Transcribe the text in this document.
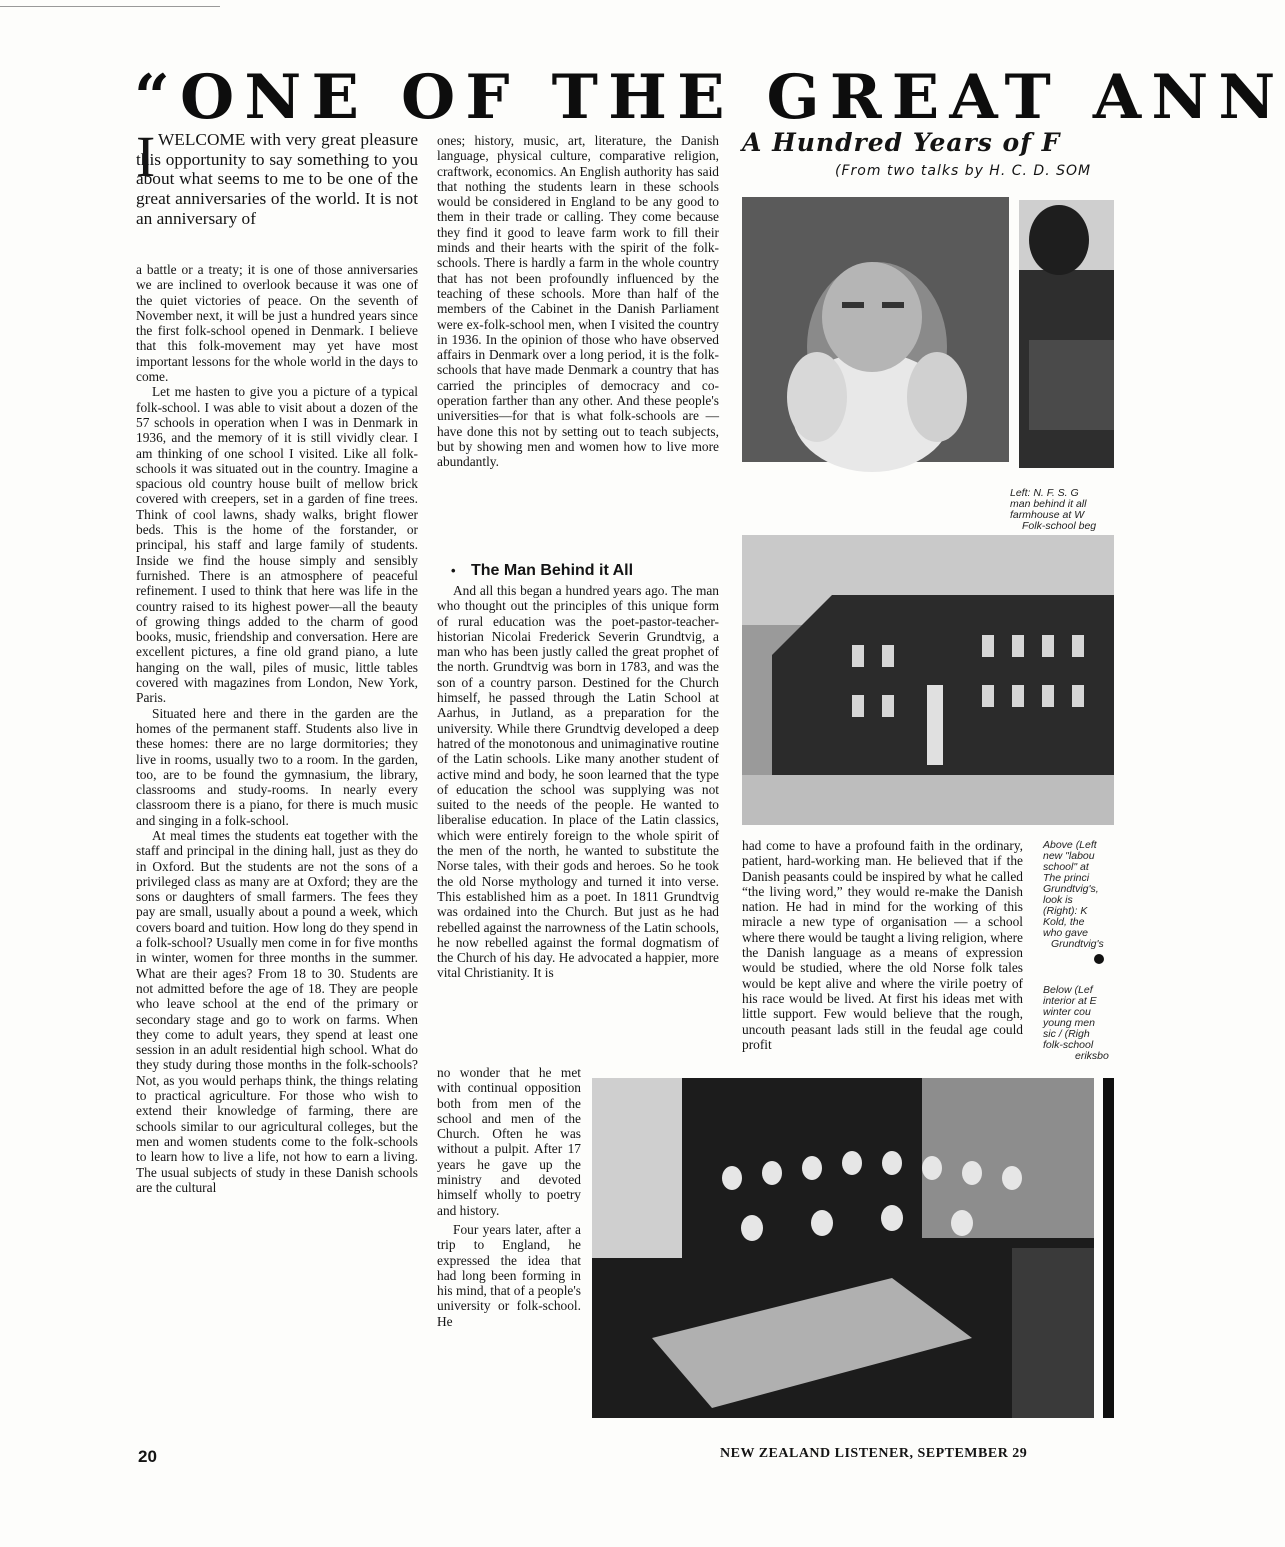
“ONE OF THE GREAT ANN
A Hundred Years of F
(From two talks by H. C. D. SOM
I WELCOME with very great pleasure this opportunity to say something to you about what seems to me to be one of the great anniversaries of the world. It is not an anniversary of

a battle or a treaty; it is one of those anniversaries we are inclined to overlook because it was one of the quiet victories of peace. On the seventh of November next, it will be just a hundred years since the first folk-school opened in Denmark. I believe that this folk-movement may yet have most important lessons for the whole world in the days to come.

Let me hasten to give you a picture of a typical folk-school. I was able to visit about a dozen of the 57 schools in operation when I was in Denmark in 1936, and the memory of it is still vividly clear. I am thinking of one school I visited. Like all folk-schools it was situated out in the country. Imagine a spacious old country house built of mellow brick covered with creepers, set in a garden of fine trees. Think of cool lawns, shady walks, bright flower beds. This is the home of the forstander, or principal, his staff and large family of students. Inside we find the house simply and sensibly furnished. There is an atmosphere of peaceful refinement. I used to think that here was life in the country raised to its highest power—all the beauty of growing things added to the charm of good books, music, friendship and conversation. Here are excellent pictures, a fine old grand piano, a lute hanging on the wall, piles of music, little tables covered with magazines from London, New York, Paris.

Situated here and there in the garden are the homes of the permanent staff. Students also live in these homes: there are no large dormitories; they live in rooms, usually two to a room. In the garden, too, are to be found the gymnasium, the library, classrooms and study-rooms. In nearly every classroom there is a piano, for there is much music and singing in a folk-school.

At meal times the students eat together with the staff and principal in the dining hall, just as they do in Oxford. But the students are not the sons of a privileged class as many are at Oxford; they are the sons or daughters of small farmers. The fees they pay are small, usually about a pound a week, which covers board and tuition. How long do they spend in a folk-school? Usually men come in for five months in winter, women for three months in the summer. What are their ages? From 18 to 30. Students are not admitted before the age of 18. They are people who leave school at the end of the primary or secondary stage and go to work on farms. When they come to adult years, they spend at least one session in an adult residential high school. What do they study during those months in the folk-schools? Not, as you would perhaps think, the things relating to practical agriculture. For those who wish to extend their knowledge of farming, there are schools similar to our agricultural colleges, but the men and women students come to the folk-schools to learn how to live a life, not how to earn a living. The usual subjects of study in these Danish schools are the cultural

ones; history, music, art, literature, the Danish language, physical culture, comparative religion, craftwork, economics. An English authority has said that nothing the students learn in these schools would be considered in England to be any good to them in their trade or calling. They come because they find it good to leave farm work to fill their minds and their hearts with the spirit of the folk-schools. There is hardly a farm in the whole country that has not been profoundly influenced by the teaching of these schools. More than half of the members of the Cabinet in the Danish Parliament were ex-folk-school men, when I visited the country in 1936. In the opinion of those who have observed affairs in Denmark over a long period, it is the folk-schools that have made Denmark a country that has carried the principles of democracy and co-operation farther than any other. And these people's universities—for that is what folk-schools are — have done this not by setting out to teach subjects, but by showing men and women how to live more abundantly.

• The Man Behind it All

And all this began a hundred years ago. The man who thought out the principles of this unique form of rural education was the poet-pastor-teacher-historian Nicolai Frederick Severin Grundtvig, a man who has been justly called the great prophet of the north. Grundtvig was born in 1783, and was the son of a country parson. Destined for the Church himself, he passed through the Latin School at Aarhus, in Jutland, as a preparation for the university. While there Grundtvig developed a deep hatred of the monotonous and unimaginative routine of the Latin schools. Like many another student of active mind and body, he soon learned that the type of education the school was supplying was not suited to the needs of the people. He wanted to liberalise education. In place of the Latin classics, which were entirely foreign to the whole spirit of the men of the north, he wanted to substitute the Norse tales, with their gods and heroes. So he took the old Norse mythology and turned it into verse. This established him as a poet. In 1811 Grundtvig was ordained into the Church. But just as he had rebelled against the narrowness of the Latin schools, he now rebelled against the formal dogmatism of the Church of his day. He advocated a happier, more vital Christianity. It is

no wonder that he met with continual opposition both from men of the school and men of the Church. Often he was without a pulpit. After 17 years he gave up the ministry and devoted himself wholly to poetry and history.

Four years later, after a trip to England, he expressed the idea that had long been forming in his mind, that of a people's university or folk-school. He

had come to have a profound faith in the ordinary, patient, hard-working man. He believed that if the Danish peasants could be inspired by what he called “the living word,” they would re-make the Danish nation. He had in mind for the working of this miracle a new type of organisation — a school where there would be taught a living religion, where the Danish language as a means of expression would be studied, where the old Norse folk tales would be kept alive and where the virile poetry of his race would be lived. At first his ideas met with little support. Few would believe that the rough, uncouth peasant lads still in the feudal age could profit

Left: N. F. S. G
man behind it all
farmhouse at W
Folk-school beg
Above (Left
new "labou
school" at
The princi
Grundtvig's,
look is
(Right): K
Kold, the
who gave
Grundtvig's
Below (Lef
interior at E
winter cou
young men
sic / (Righ
folk-school
eriksbo
20	NEW ZEALAND LISTENER, SEPTEMBER 29
